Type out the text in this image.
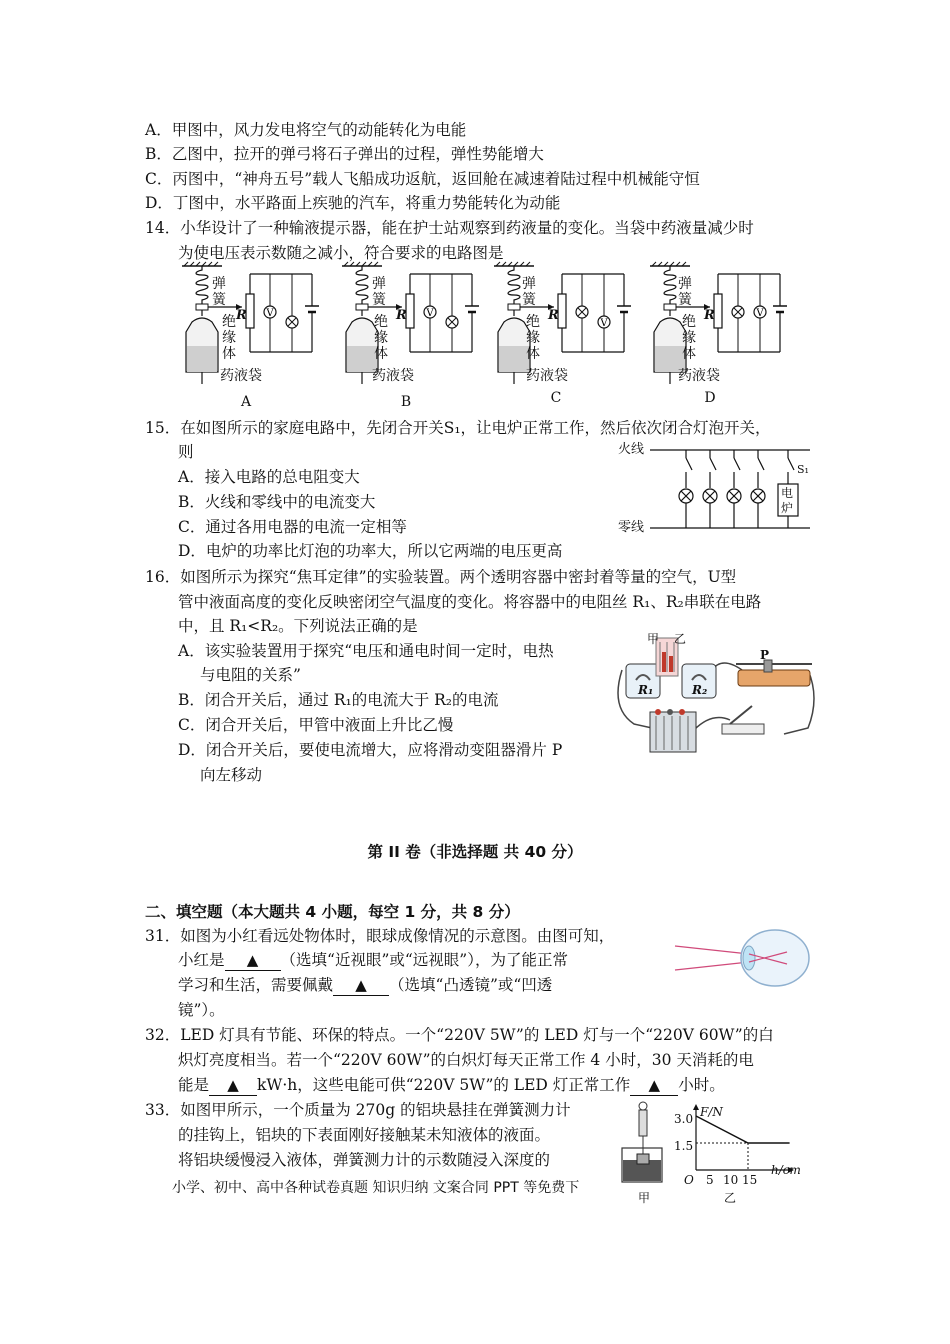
A．甲图中，风力发电将空气的动能转化为电能
B．乙图中，拉开的弹弓将石子弹出的过程，弹性势能增大
C．丙图中，“神舟五号”载人飞船成功返航，返回舱在减速着陆过程中机械能守恒
D．丁图中，水平路面上疾驰的汽车，将重力势能转化为动能
14．小华设计了一种输液提示器，能在护士站观察到药液量的变化。当袋中药液量减少时
为使电压表示数随之减小，符合要求的电路图是
V
弹
簧
弹
簧
弹
簧
弹
簧
绝
缘
体
绝
缘
体
绝
缘
体
绝
缘
体
药液袋	药液袋	药液袋	药液袋
R	R	R	R
A	B	C	D
15．在如图所示的家庭电路中，先闭合开关S₁，让电炉正常工作，然后依次闭合灯泡开关，
则
A．接入电路的总电阻变大
B．火线和零线中的电流变大
C．通过各用电器的电流一定相等
D．电炉的功率比灯泡的功率大，所以它两端的电压更高
火线
零线
S₁
电
炉
16．如图所示为探究“焦耳定律”的实验装置。两个透明容器中密封着等量的空气，U型
管中液面高度的变化反映密闭空气温度的变化。将容器中的电阻丝 R₁、R₂串联在电路
中，且 R₁<R₂。下列说法正确的是
A．该实验装置用于探究“电压和通电时间一定时，电热
与电阻的关系”
B．闭合开关后，通过 R₁的电流大于 R₂的电流
C．闭合开关后，甲管中液面上升比乙慢
D．闭合开关后，要使电流增大，应将滑动变阻器滑片 P
向左移动
甲 乙
R₁	R₂
P
第 II 卷（非选择题 共 40 分）
二、填空题（本大题共 4 小题，每空 1 分，共 8 分）
31．如图为小红看远处物体时，眼球成像情况的示意图。由图可知，
小红是 ▲ （选填“近视眼”或“远视眼”），为了能正常
学习和生活，需要佩戴 ▲ （选填“凸透镜”或“凹透
镜”）。
32．LED 灯具有节能、环保的特点。一个“220V 5W”的 LED 灯与一个“220V 60W”的白
炽灯亮度相当。若一个“220V 60W”的白炽灯每天正常工作 4 小时，30 天消耗的电
能是 ▲ kW·h，这些电能可供“220V 5W”的 LED 灯正常工作 ▲ 小时。
33．如图甲所示，一个质量为 270g 的铝块悬挂在弹簧测力计
的挂钩上，铝块的下表面刚好接触某未知液体的液面。
将铝块缓慢浸入液体，弹簧测力计的示数随浸入深度的
小学、初中、高中各种试卷真题 知识归纳 文案合同 PPT 等免费下
甲
F/N
3.0
1.5
O 5 10 15
h/cm
乙
